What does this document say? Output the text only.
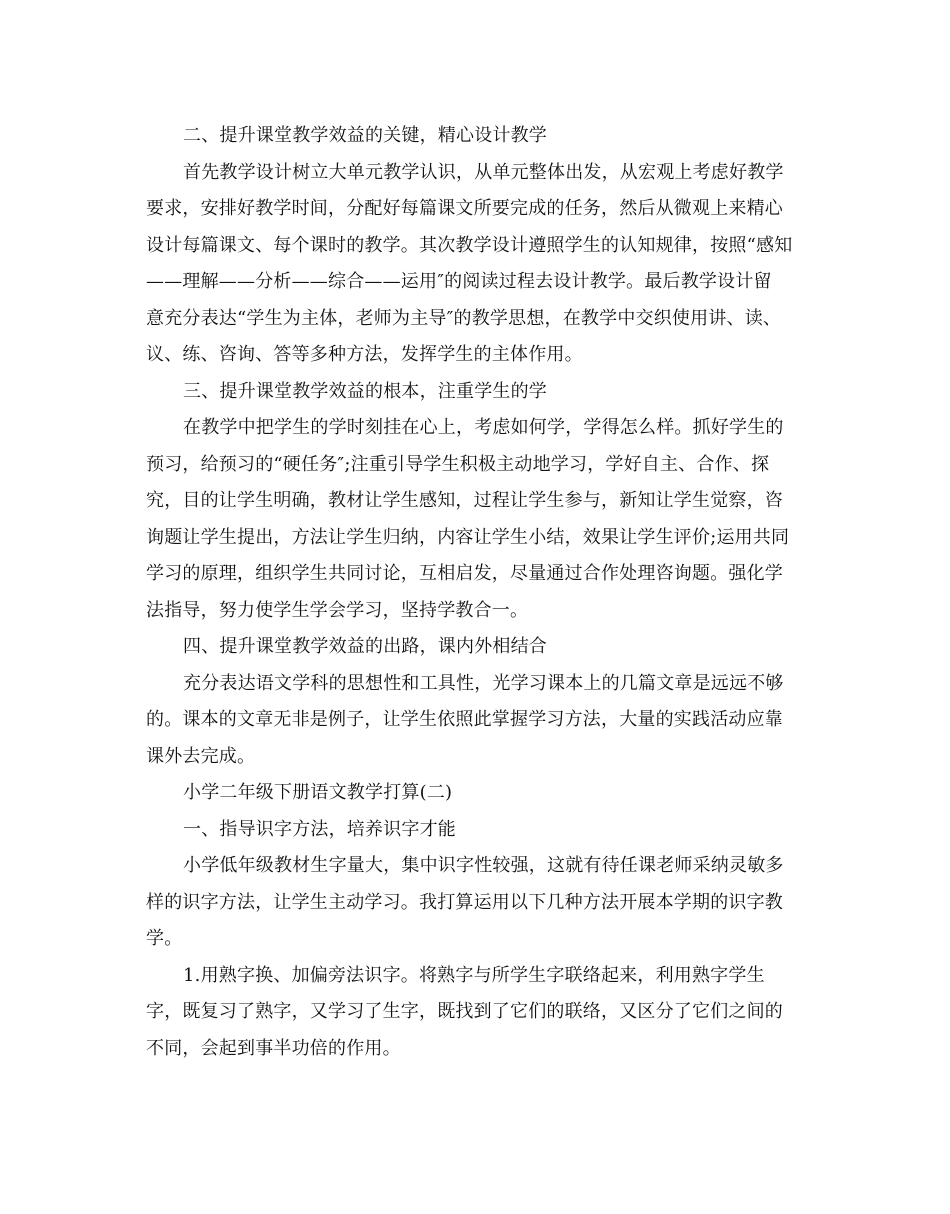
二、提升课堂教学效益的关键，精心设计教学
首先教学设计树立大单元教学认识，从单元整体出发，从宏观上考虑好教学
要求，安排好教学时间，分配好每篇课文所要完成的任务，然后从微观上来精心
设计每篇课文、每个课时的教学。其次教学设计遵照学生的认知规律，按照“感知
——理解——分析——综合——运用″的阅读过程去设计教学。最后教学设计留
意充分表达“学生为主体，老师为主导″的教学思想，在教学中交织使用讲、读、
议、练、咨询、答等多种方法，发挥学生的主体作用。
三、提升课堂教学效益的根本，注重学生的学
在教学中把学生的学时刻挂在心上，考虑如何学，学得怎么样。抓好学生的
预习，给预习的“硬任务″;注重引导学生积极主动地学习，学好自主、合作、探
究，目的让学生明确，教材让学生感知，过程让学生参与，新知让学生觉察，咨
询题让学生提出，方法让学生归纳，内容让学生小结，效果让学生评价;运用共同
学习的原理，组织学生共同讨论，互相启发，尽量通过合作处理咨询题。强化学
法指导，努力使学生学会学习，坚持学教合一。
四、提升课堂教学效益的出路，课内外相结合
充分表达语文学科的思想性和工具性，光学习课本上的几篇文章是远远不够
的。课本的文章无非是例子，让学生依照此掌握学习方法，大量的实践活动应靠
课外去完成。
小学二年级下册语文教学打算(二)
一、指导识字方法，培养识字才能
小学低年级教材生字量大，集中识字性较强，这就有待任课老师采纳灵敏多
样的识字方法，让学生主动学习。我打算运用以下几种方法开展本学期的识字教
学。
1.用熟字换、加偏旁法识字。将熟字与所学生字联络起来，利用熟字学生
字，既复习了熟字，又学习了生字，既找到了它们的联络，又区分了它们之间的
不同，会起到事半功倍的作用。
